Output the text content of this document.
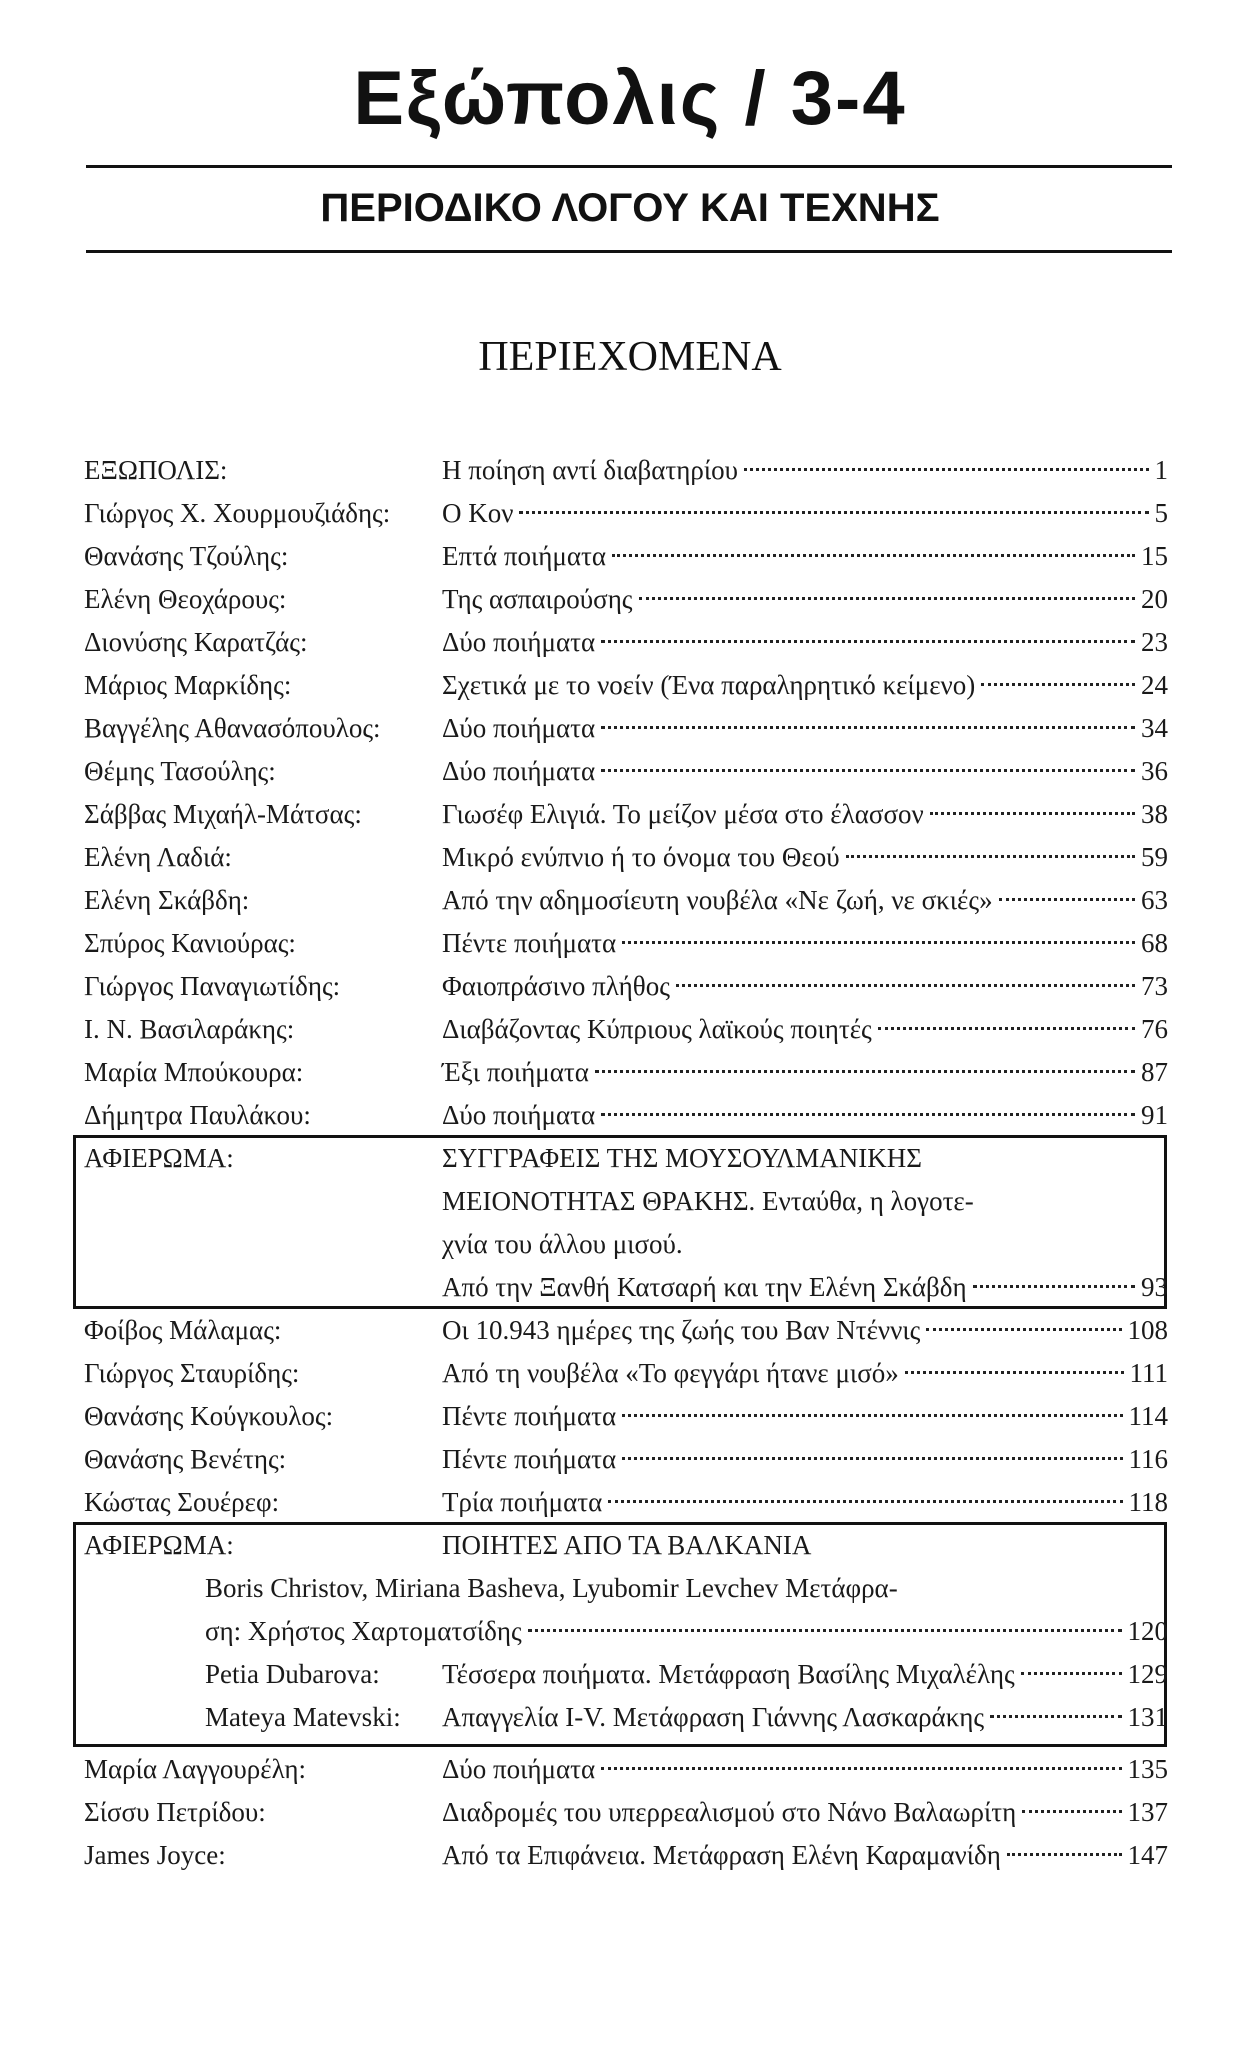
Εξώπολις / 3-4
ΠΕΡΙΟΔΙΚΟ ΛΟΓΟΥ ΚΑΙ ΤΕΧΝΗΣ
ΠΕΡΙΕΧΟΜΕΝΑ
ΕΞΩΠΟΛΙΣ:	Η ποίηση αντί διαβατηρίου	1
Γιώργος Χ. Χουρμουζιάδης: Ο Κον	5
Θανάσης Τζούλης:	Επτά ποιήματα	15
Ελένη Θεοχάρους:	Της ασπαιρούσης	20
Διονύσης Καρατζάς:	Δύο ποιήματα	23
Μάριος Μαρκίδης:	Σχετικά με το νοείν (Ένα παραληρητικό κείμενο)	24
Βαγγέλης Αθανασόπουλος: Δύο ποιήματα	34
Θέμης Τασούλης:	Δύο ποιήματα	36
Σάββας Μιχαήλ-Μάτσας:	Γιωσέφ Ελιγιά. Το μείζον μέσα στο έλασσον	38
Ελένη Λαδιά:	Μικρό ενύπνιο ή το όνομα του Θεού	59
Ελένη Σκάβδη:	Από την αδημοσίευτη νουβέλα «Νε ζωή, νε σκιές»	63
Σπύρος Κανιούρας:	Πέντε ποιήματα	68
Γιώργος Παναγιωτίδης:	Φαιοπράσινο πλήθος	73
Ι. Ν. Βασιλαράκης:	Διαβάζοντας Κύπριους λαϊκούς ποιητές	76
Μαρία Μπούκουρα:	Έξι ποιήματα	87
Δήμητρα Παυλάκου:	Δύο ποιήματα	91
ΑΦΙΕΡΩΜΑ:	ΣΥΓΓΡΑΦΕΙΣ ΤΗΣ ΜΟΥΣΟΥΛΜΑΝΙΚΗΣ
ΜΕΙΟΝΟΤΗΤΑΣ ΘΡΑΚΗΣ. Ενταύθα, η λογοτε-
χνία του άλλου μισού.
Από την Ξανθή Κατσαρή και την Ελένη Σκάβδη	93
Φοίβος Μάλαμας:	Οι 10.943 ημέρες της ζωής του Βαν Ντέννις	108
Γιώργος Σταυρίδης:	Από τη νουβέλα «Το φεγγάρι ήτανε μισό»	111
Θανάσης Κούγκουλος:	Πέντε ποιήματα	114
Θανάσης Βενέτης:	Πέντε ποιήματα	116
Κώστας Σουέρεφ:	Τρία ποιήματα	118
ΑΦΙΕΡΩΜΑ:	ΠΟΙΗΤΕΣ ΑΠΟ ΤΑ ΒΑΛΚΑΝΙΑ
Boris Christov, Miriana Basheva, Lyubomir Levchev Μετάφρα-
ση: Χρήστος Χαρτοματσίδης	120
Petia Dubarova: Τέσσερα ποιήματα. Μετάφραση Βασίλης Μιχαλέλης	129
Mateya Matevski: Απαγγελία I-V. Μετάφραση Γιάννης Λασκαράκης	131
Μαρία Λαγγουρέλη:	Δύο ποιήματα	135
Σίσσυ Πετρίδου:	Διαδρομές του υπερρεαλισμού στο Νάνο Βαλαωρίτη	137
James Joyce:	Από τα Επιφάνεια. Μετάφραση Ελένη Καραμανίδη	147
